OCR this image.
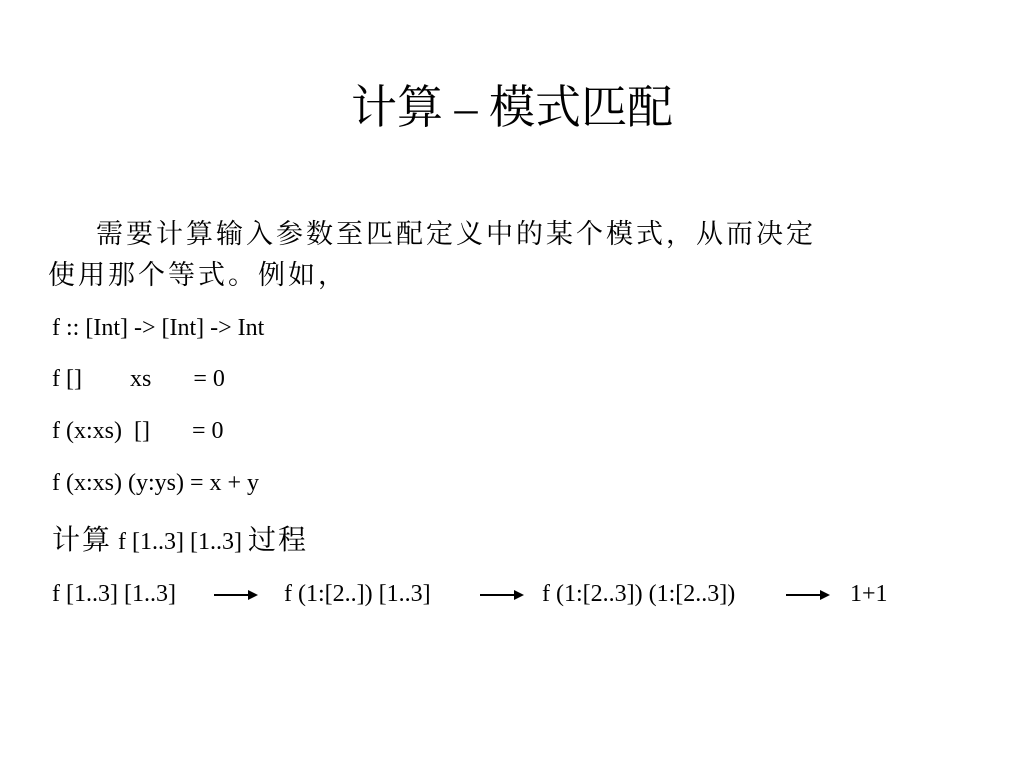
计算 – 模式匹配
需要计算输入参数至匹配定义中的某个模式，从而决定
使用那个等式。例如，
f :: [Int] -> [Int] -> Int
f []        xs       = 0
f (x:xs)  []       = 0
f (x:xs) (y:ys) = x + y
计算 f [1..3] [1..3] 过程
f [1..3] [1..3]	f (1:[2..]) [1..3]	f (1:[2..3]) (1:[2..3])	1+1
